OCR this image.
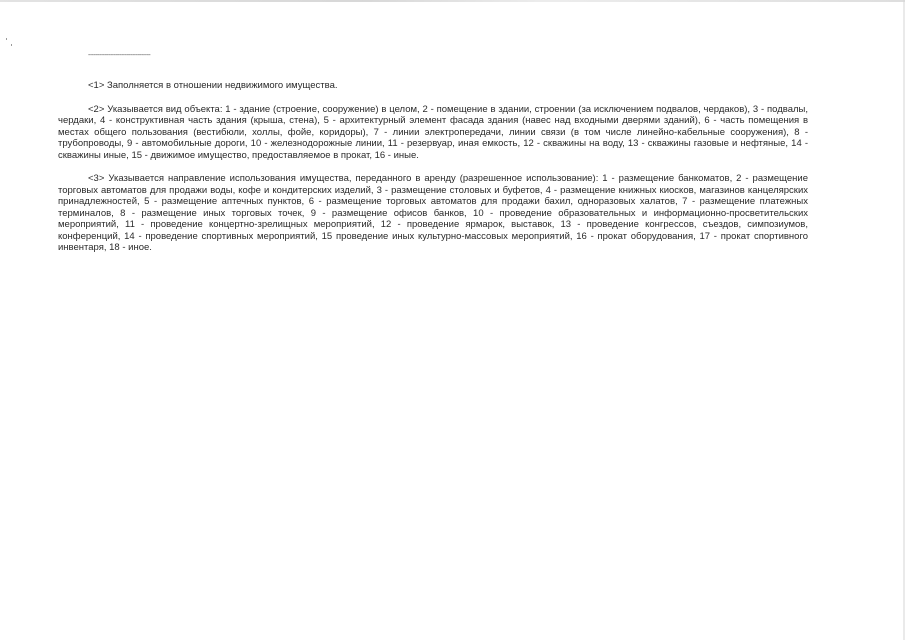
----------------------------------

<1> Заполняется в отношении недвижимого имущества.

<2> Указывается вид объекта: 1 - здание (строение, сооружение) в целом, 2 - помещение в здании, строении (за исключением подвалов, чердаков), 3 - подвалы, чердаки, 4 - конструктивная часть здания (крыша, стена), 5 - архитектурный элемент фасада здания (навес над входными дверями зданий), 6 - часть помещения в местах общего пользования (вестибюли, холлы, фойе, коридоры), 7 - линии электропередачи, линии связи (в том числе линейно-кабельные сооружения), 8 - трубопроводы, 9 - автомобильные дороги, 10 - железнодорожные линии, 11 - резервуар, иная емкость, 12 - скважины на воду, 13 - скважины газовые и нефтяные, 14 - скважины иные, 15 - движимое имущество, предоставляемое в прокат, 16 - иные.

<3> Указывается направление использования имущества, переданного в аренду (разрешенное использование): 1 - размещение банкоматов, 2 - размещение торговых автоматов для продажи воды, кофе и кондитерских изделий, 3 - размещение столовых и буфетов, 4 - размещение книжных киосков, магазинов канцелярских принадлежностей, 5 - размещение аптечных пунктов, 6 - размещение торговых автоматов для продажи бахил, одноразовых халатов, 7 - размещение платежных терминалов, 8 - размещение иных торговых точек, 9 - размещение офисов банков, 10 - проведение образовательных и информационно-просветительских мероприятий, 11 - проведение концертно-зрелищных мероприятий, 12 - проведение ярмарок, выставок, 13 - проведение конгрессов, съездов, симпозиумов, конференций, 14 - проведение спортивных мероприятий, 15 проведение иных культурно-массовых мероприятий, 16 - прокат оборудования, 17 - прокат спортивного инвентаря, 18 - иное.
